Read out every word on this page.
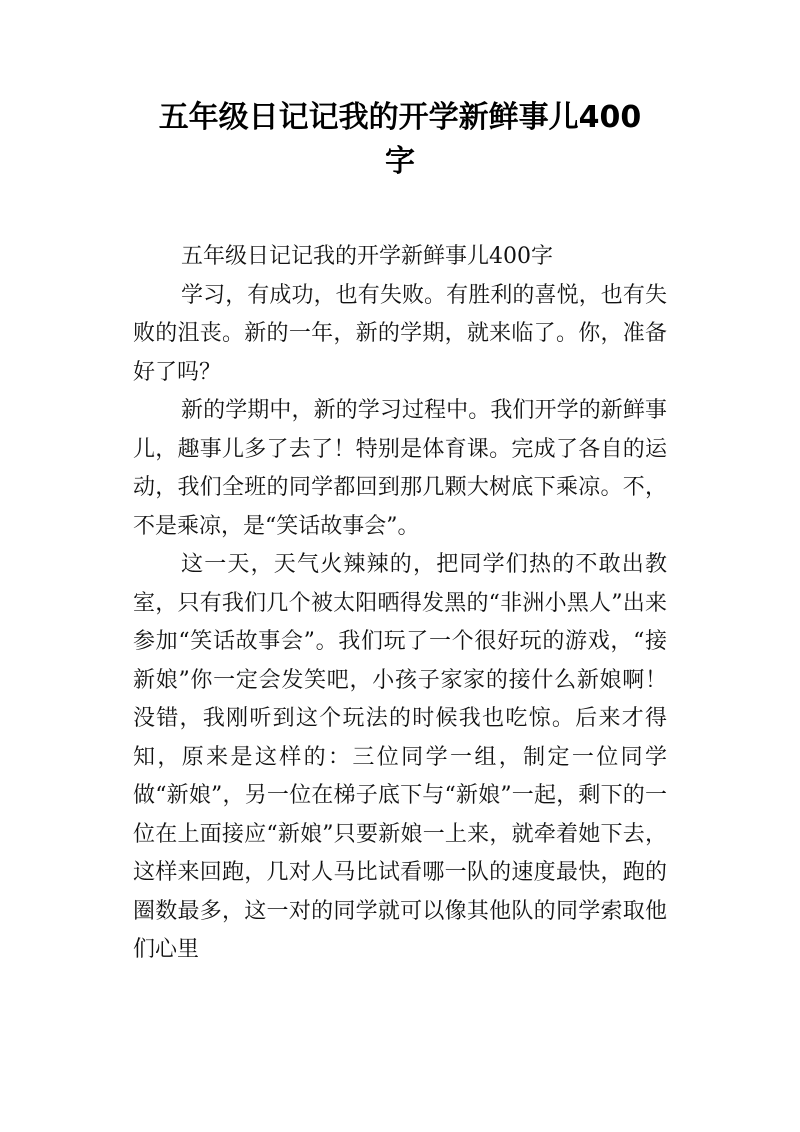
五年级日记记我的开学新鲜事儿400
字

五年级日记记我的开学新鲜事儿400字

学习，有成功，也有失败。有胜利的喜悦，也有失败的沮丧。新的一年，新的学期，就来临了。你，准备好了吗？

新的学期中，新的学习过程中。我们开学的新鲜事儿，趣事儿多了去了！特别是体育课。完成了各自的运动，我们全班的同学都回到那几颗大树底下乘凉。不，不是乘凉，是“笑话故事会”。

这一天，天气火辣辣的，把同学们热的不敢出教室，只有我们几个被太阳晒得发黑的“非洲小黑人”出来参加“笑话故事会”。我们玩了一个很好玩的游戏，“接新娘”你一定会发笑吧，小孩子家家的接什么新娘啊！没错，我刚听到这个玩法的时候我也吃惊。后来才得知，原来是这样的：三位同学一组，制定一位同学做“新娘”，另一位在梯子底下与“新娘”一起，剩下的一位在上面接应“新娘”只要新娘一上来，就牵着她下去，这样来回跑，几对人马比试看哪一队的速度最快，跑的圈数最多，这一对的同学就可以像其他队的同学索取他们心里
